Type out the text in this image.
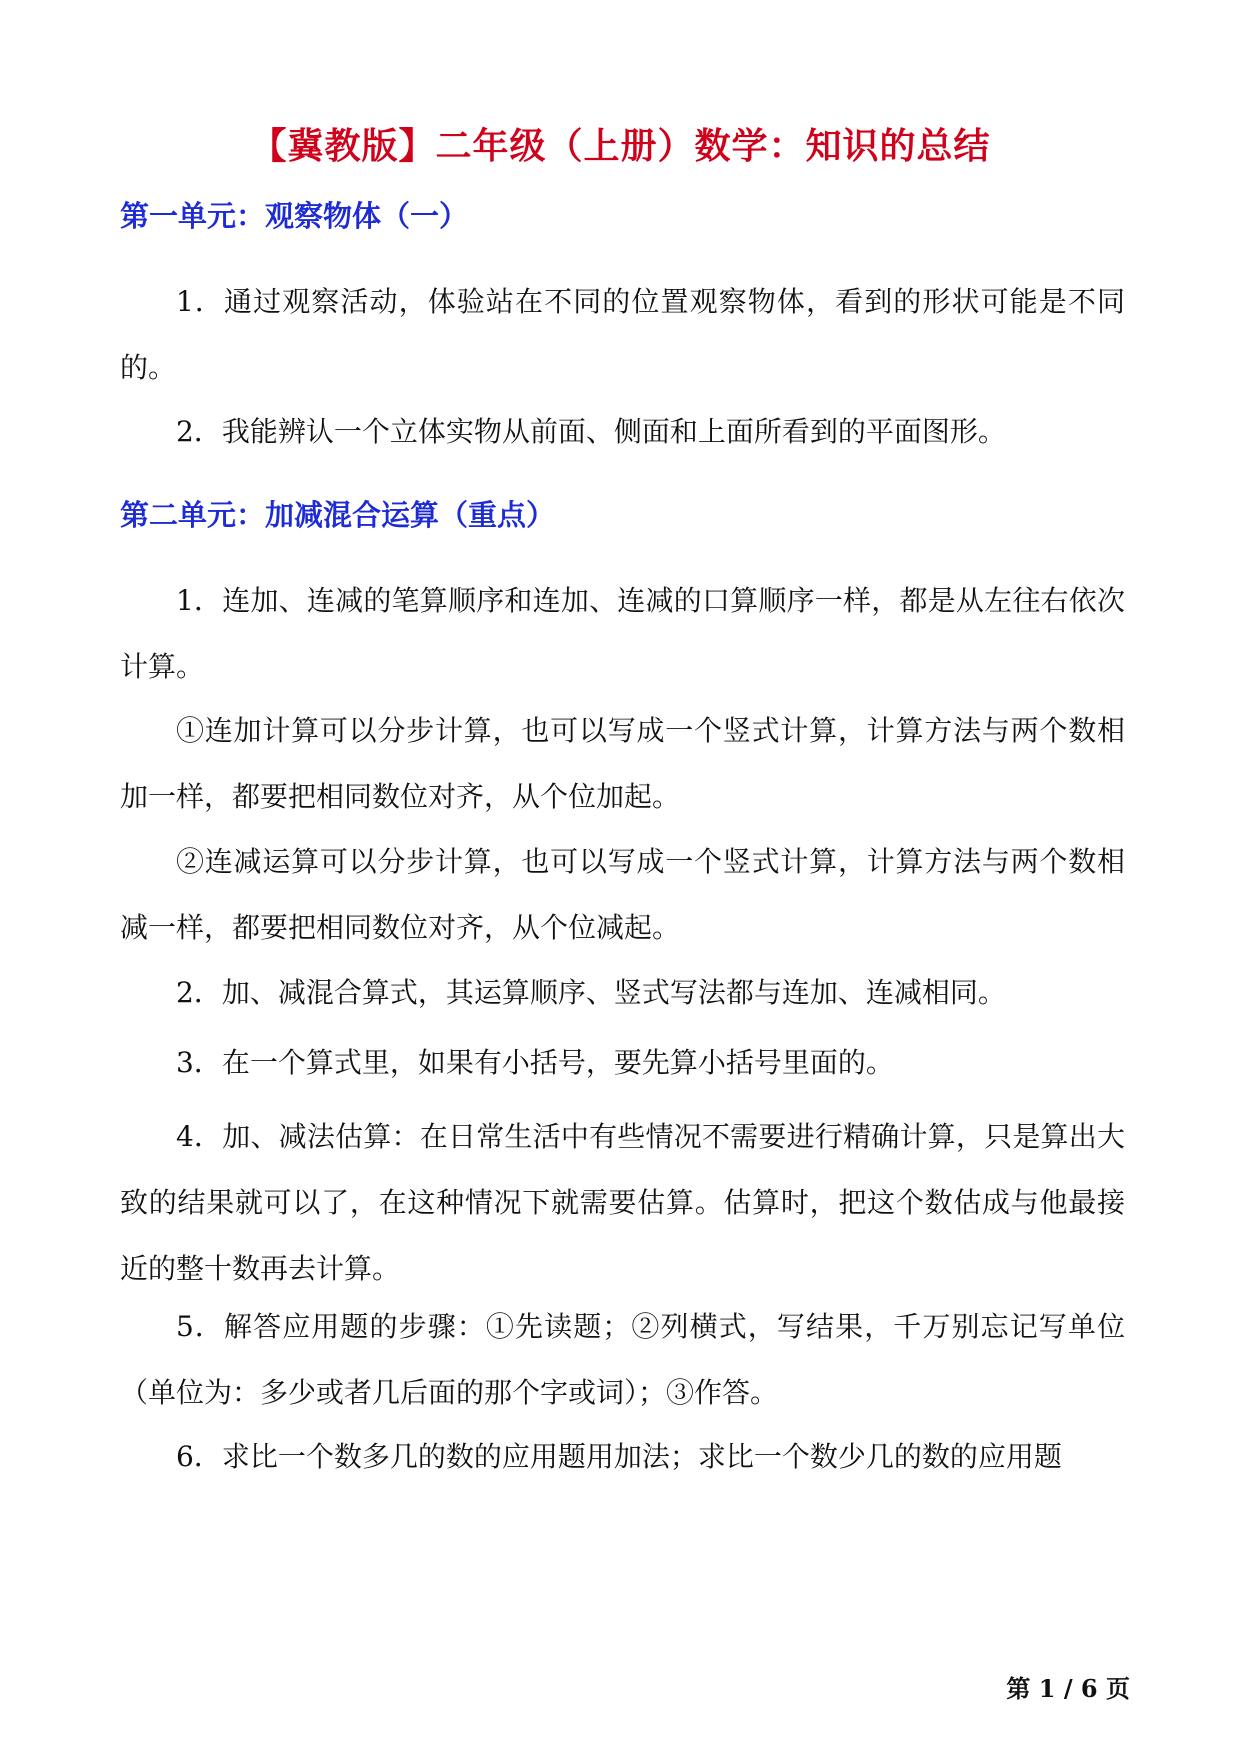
【冀教版】二年级（上册）数学：知识的总结
第一单元：观察物体（一）
1．通过观察活动，体验站在不同的位置观察物体，看到的形状可能是不同的。
2．我能辨认一个立体实物从前面、侧面和上面所看到的平面图形。
第二单元：加减混合运算（重点）
1．连加、连减的笔算顺序和连加、连减的口算顺序一样，都是从左往右依次计算。
①连加计算可以分步计算，也可以写成一个竖式计算，计算方法与两个数相加一样，都要把相同数位对齐，从个位加起。
②连减运算可以分步计算，也可以写成一个竖式计算，计算方法与两个数相减一样，都要把相同数位对齐，从个位减起。
2．加、减混合算式，其运算顺序、竖式写法都与连加、连减相同。
3．在一个算式里，如果有小括号，要先算小括号里面的。
4．加、减法估算：在日常生活中有些情况不需要进行精确计算，只是算出大致的结果就可以了，在这种情况下就需要估算。估算时，把这个数估成与他最接近的整十数再去计算。
5．解答应用题的步骤：①先读题；②列横式，写结果，千万别忘记写单位（单位为：多少或者几后面的那个字或词）；③作答。
6．求比一个数多几的数的应用题用加法；求比一个数少几的数的应用题
第 1 / 6 页
